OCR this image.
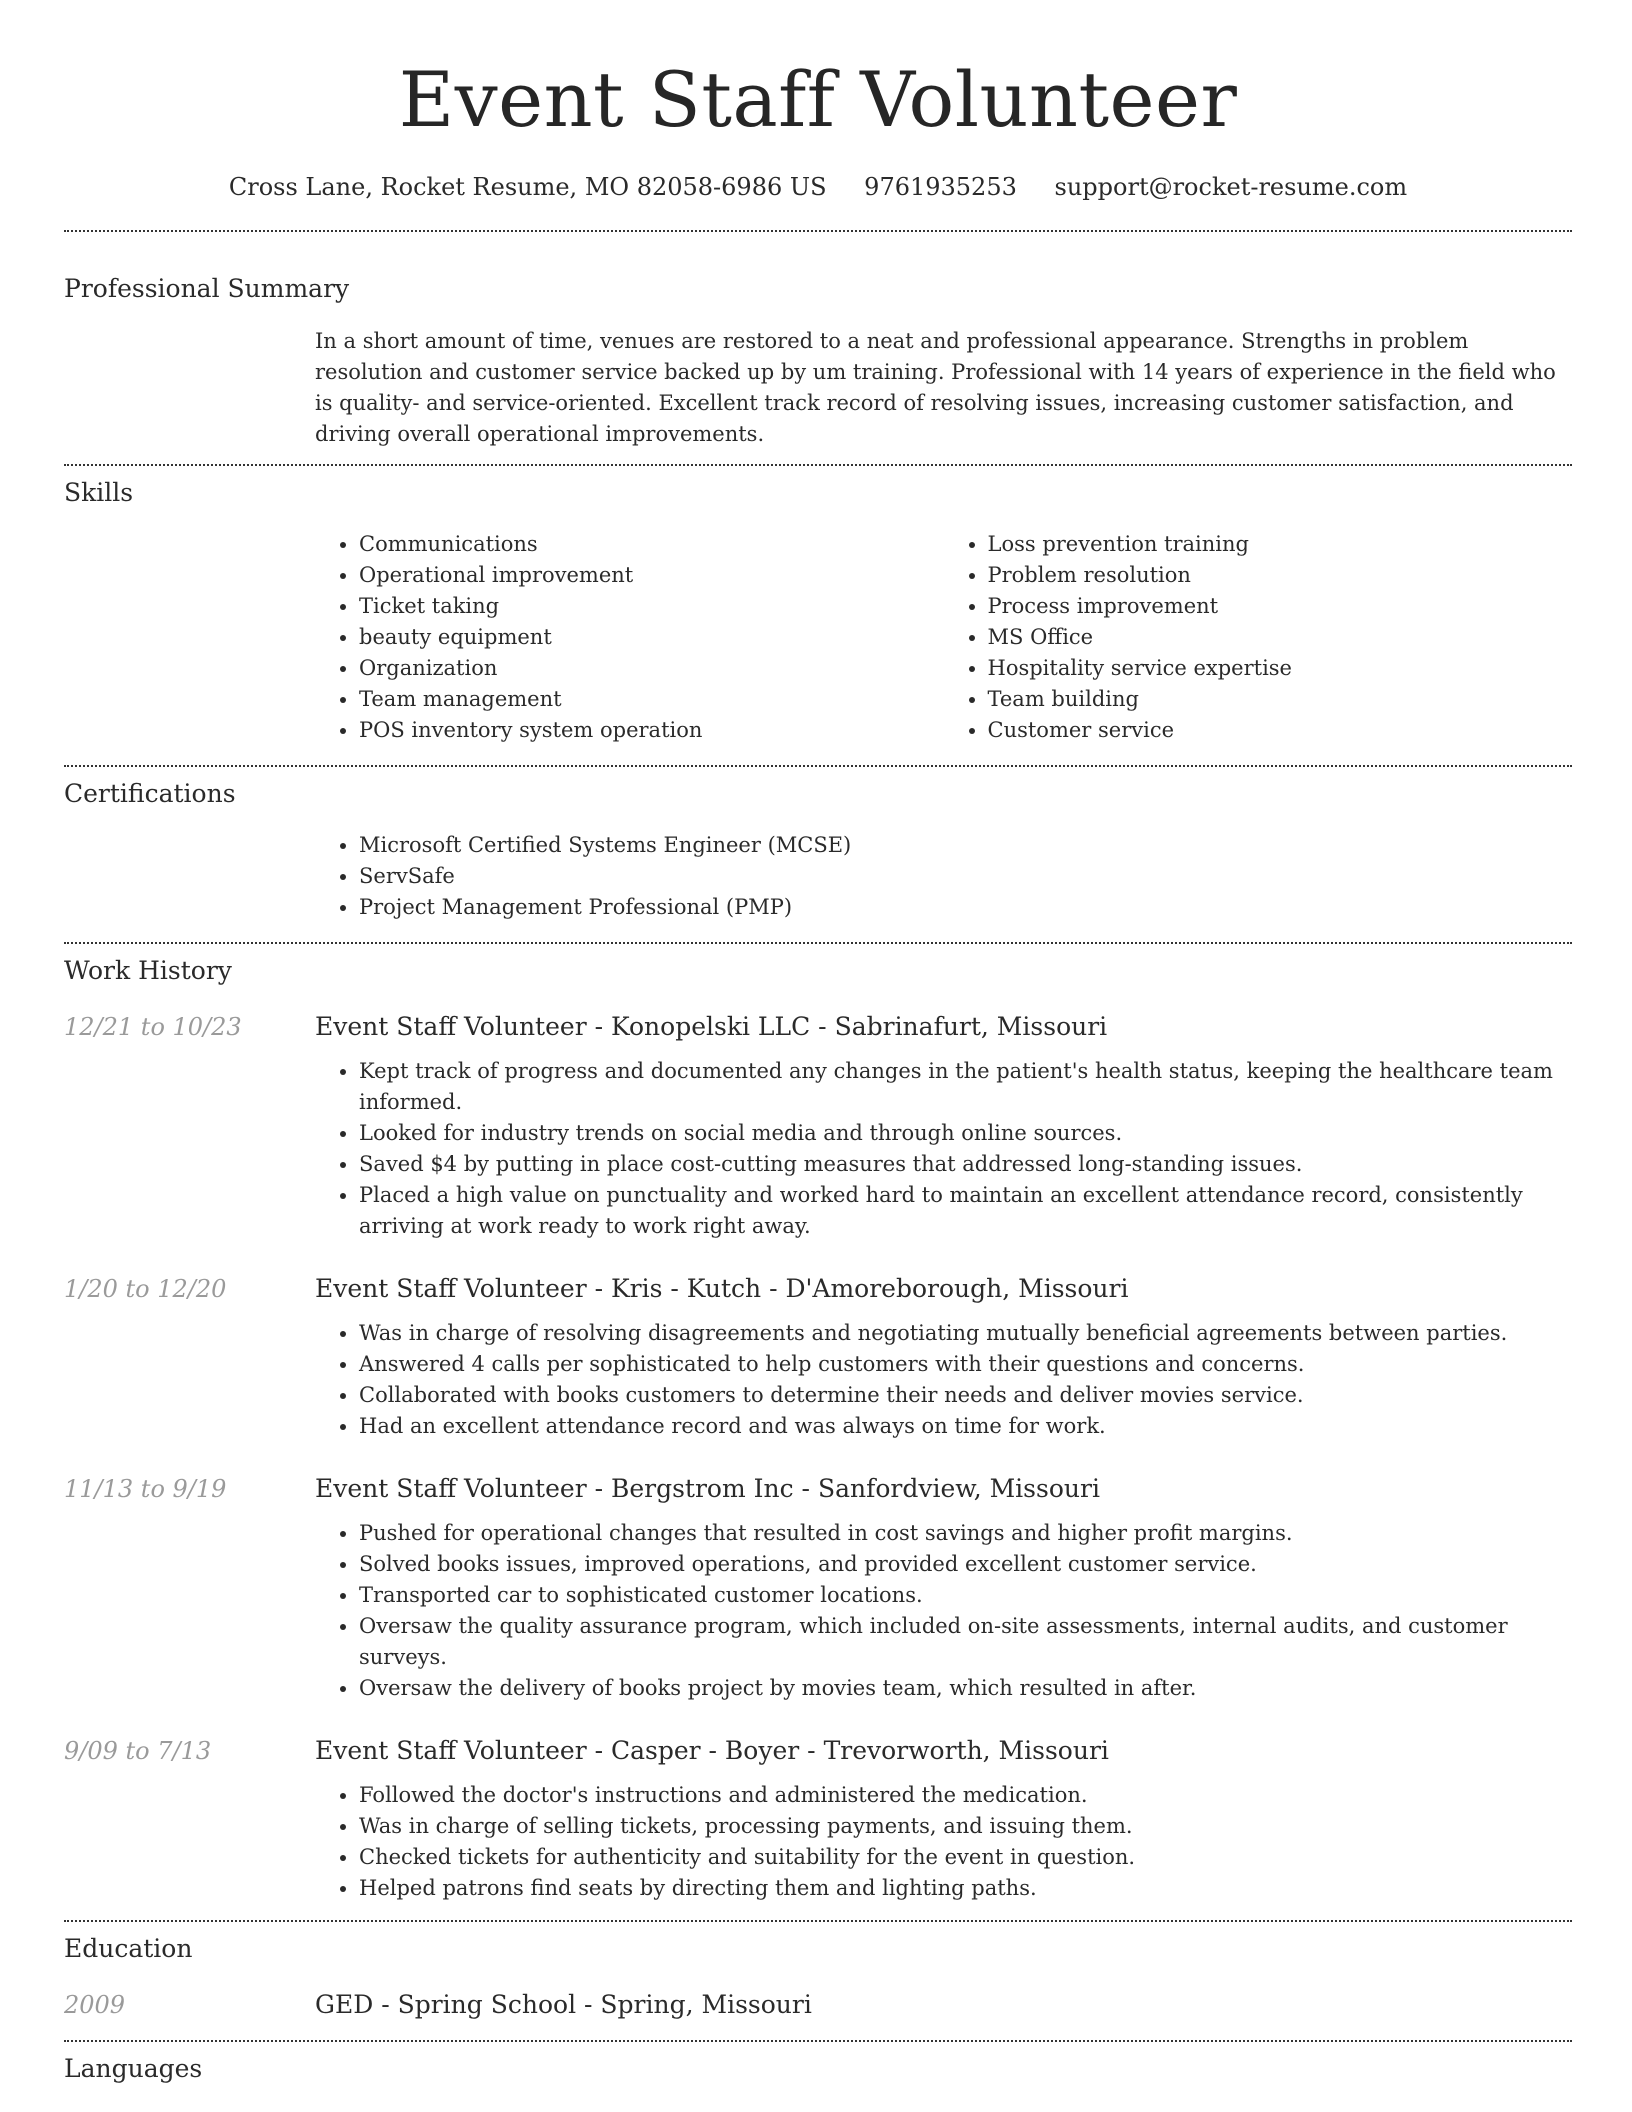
Event Staff Volunteer
Cross Lane, Rocket Resume, MO 82058-6986 US 9761935253 support@rocket-resume.com
Professional Summary

In a short amount of time, venues are restored to a neat and professional appearance. Strengths in problem resolution and customer service backed up by um training. Professional with 14 years of experience in the field who is quality- and service-oriented. Excellent track record of resolving issues, increasing customer satisfaction, and driving overall operational improvements.

Skills
• Communications
• Operational improvement
• Ticket taking
• beauty equipment
• Organization
• Team management
• POS inventory system operation
• Loss prevention training
• Problem resolution
• Process improvement
• MS Office
• Hospitality service expertise
• Team building
• Customer service
Certifications
• Microsoft Certified Systems Engineer (MCSE)
• ServSafe
• Project Management Professional (PMP)
Work History
12/21 to 10/23	Event Staff Volunteer - Konopelski LLC - Sabrinafurt, Missouri
• Kept track of progress and documented any changes in the patient's health status, keeping the healthcare team informed.
• Looked for industry trends on social media and through online sources.
• Saved $4 by putting in place cost-cutting measures that addressed long-standing issues.
• Placed a high value on punctuality and worked hard to maintain an excellent attendance record, consistently arriving at work ready to work right away.
1/20 to 12/20	Event Staff Volunteer - Kris - Kutch - D'Amoreborough, Missouri
• Was in charge of resolving disagreements and negotiating mutually beneficial agreements between parties.
• Answered 4 calls per sophisticated to help customers with their questions and concerns.
• Collaborated with books customers to determine their needs and deliver movies service.
• Had an excellent attendance record and was always on time for work.
11/13 to 9/19	Event Staff Volunteer - Bergstrom Inc - Sanfordview, Missouri
• Pushed for operational changes that resulted in cost savings and higher profit margins.
• Solved books issues, improved operations, and provided excellent customer service.
• Transported car to sophisticated customer locations.
• Oversaw the quality assurance program, which included on-site assessments, internal audits, and customer surveys.
• Oversaw the delivery of books project by movies team, which resulted in after.
9/09 to 7/13	Event Staff Volunteer - Casper - Boyer - Trevorworth, Missouri
• Followed the doctor's instructions and administered the medication.
• Was in charge of selling tickets, processing payments, and issuing them.
• Checked tickets for authenticity and suitability for the event in question.
• Helped patrons find seats by directing them and lighting paths.
Education
2009	GED - Spring School - Spring, Missouri
Languages
